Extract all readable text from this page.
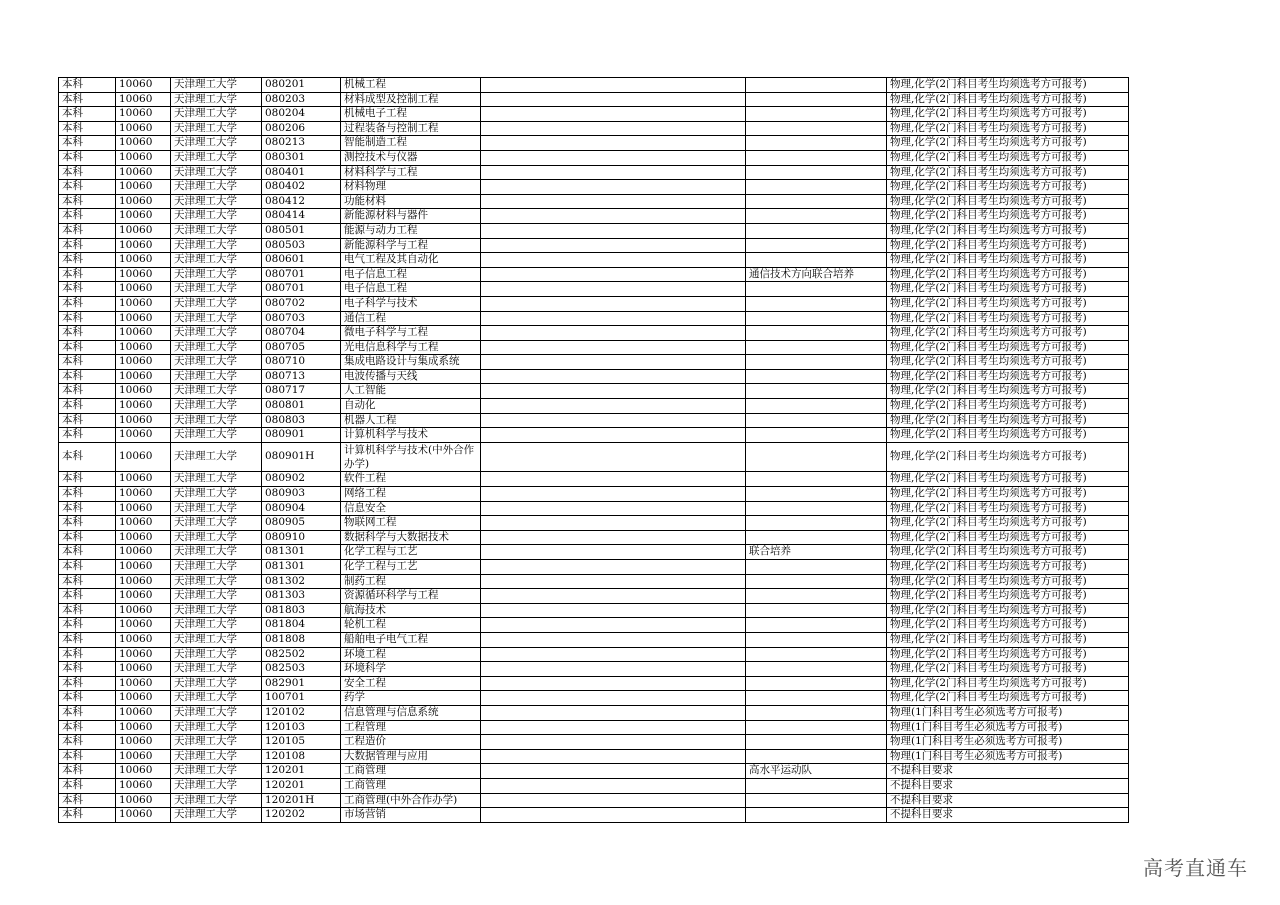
本科	10060	天津理工大学	080201	机械工程			物理,化学(2门科目考生均须选考方可报考)
本科	10060	天津理工大学	080203	材料成型及控制工程			物理,化学(2门科目考生均须选考方可报考)
本科	10060	天津理工大学	080204	机械电子工程			物理,化学(2门科目考生均须选考方可报考)
本科	10060	天津理工大学	080206	过程装备与控制工程			物理,化学(2门科目考生均须选考方可报考)
本科	10060	天津理工大学	080213	智能制造工程			物理,化学(2门科目考生均须选考方可报考)
本科	10060	天津理工大学	080301	测控技术与仪器			物理,化学(2门科目考生均须选考方可报考)
本科	10060	天津理工大学	080401	材料科学与工程			物理,化学(2门科目考生均须选考方可报考)
本科	10060	天津理工大学	080402	材料物理			物理,化学(2门科目考生均须选考方可报考)
本科	10060	天津理工大学	080412	功能材料			物理,化学(2门科目考生均须选考方可报考)
本科	10060	天津理工大学	080414	新能源材料与器件			物理,化学(2门科目考生均须选考方可报考)
本科	10060	天津理工大学	080501	能源与动力工程			物理,化学(2门科目考生均须选考方可报考)
本科	10060	天津理工大学	080503	新能源科学与工程			物理,化学(2门科目考生均须选考方可报考)
本科	10060	天津理工大学	080601	电气工程及其自动化			物理,化学(2门科目考生均须选考方可报考)
本科	10060	天津理工大学	080701	电子信息工程		通信技术方向联合培养	物理,化学(2门科目考生均须选考方可报考)
本科	10060	天津理工大学	080701	电子信息工程			物理,化学(2门科目考生均须选考方可报考)
本科	10060	天津理工大学	080702	电子科学与技术			物理,化学(2门科目考生均须选考方可报考)
本科	10060	天津理工大学	080703	通信工程			物理,化学(2门科目考生均须选考方可报考)
本科	10060	天津理工大学	080704	微电子科学与工程			物理,化学(2门科目考生均须选考方可报考)
本科	10060	天津理工大学	080705	光电信息科学与工程			物理,化学(2门科目考生均须选考方可报考)
本科	10060	天津理工大学	080710	集成电路设计与集成系统			物理,化学(2门科目考生均须选考方可报考)
本科	10060	天津理工大学	080713	电波传播与天线			物理,化学(2门科目考生均须选考方可报考)
本科	10060	天津理工大学	080717	人工智能			物理,化学(2门科目考生均须选考方可报考)
本科	10060	天津理工大学	080801	自动化			物理,化学(2门科目考生均须选考方可报考)
本科	10060	天津理工大学	080803	机器人工程			物理,化学(2门科目考生均须选考方可报考)
本科	10060	天津理工大学	080901	计算机科学与技术			物理,化学(2门科目考生均须选考方可报考)
本科	10060	天津理工大学	080901H	计算机科学与技术(中外合作办学)			物理,化学(2门科目考生均须选考方可报考)
本科	10060	天津理工大学	080902	软件工程			物理,化学(2门科目考生均须选考方可报考)
本科	10060	天津理工大学	080903	网络工程			物理,化学(2门科目考生均须选考方可报考)
本科	10060	天津理工大学	080904	信息安全			物理,化学(2门科目考生均须选考方可报考)
本科	10060	天津理工大学	080905	物联网工程			物理,化学(2门科目考生均须选考方可报考)
本科	10060	天津理工大学	080910	数据科学与大数据技术			物理,化学(2门科目考生均须选考方可报考)
本科	10060	天津理工大学	081301	化学工程与工艺		联合培养	物理,化学(2门科目考生均须选考方可报考)
本科	10060	天津理工大学	081301	化学工程与工艺			物理,化学(2门科目考生均须选考方可报考)
本科	10060	天津理工大学	081302	制药工程			物理,化学(2门科目考生均须选考方可报考)
本科	10060	天津理工大学	081303	资源循环科学与工程			物理,化学(2门科目考生均须选考方可报考)
本科	10060	天津理工大学	081803	航海技术			物理,化学(2门科目考生均须选考方可报考)
本科	10060	天津理工大学	081804	轮机工程			物理,化学(2门科目考生均须选考方可报考)
本科	10060	天津理工大学	081808	船舶电子电气工程			物理,化学(2门科目考生均须选考方可报考)
本科	10060	天津理工大学	082502	环境工程			物理,化学(2门科目考生均须选考方可报考)
本科	10060	天津理工大学	082503	环境科学			物理,化学(2门科目考生均须选考方可报考)
本科	10060	天津理工大学	082901	安全工程			物理,化学(2门科目考生均须选考方可报考)
本科	10060	天津理工大学	100701	药学			物理,化学(2门科目考生均须选考方可报考)
本科	10060	天津理工大学	120102	信息管理与信息系统			物理(1门科目考生必须选考方可报考)
本科	10060	天津理工大学	120103	工程管理			物理(1门科目考生必须选考方可报考)
本科	10060	天津理工大学	120105	工程造价			物理(1门科目考生必须选考方可报考)
本科	10060	天津理工大学	120108	大数据管理与应用			物理(1门科目考生必须选考方可报考)
本科	10060	天津理工大学	120201	工商管理		高水平运动队	不提科目要求
本科	10060	天津理工大学	120201	工商管理			不提科目要求
本科	10060	天津理工大学	120201H	工商管理(中外合作办学)			不提科目要求
本科	10060	天津理工大学	120202	市场营销			不提科目要求
高考直通车
